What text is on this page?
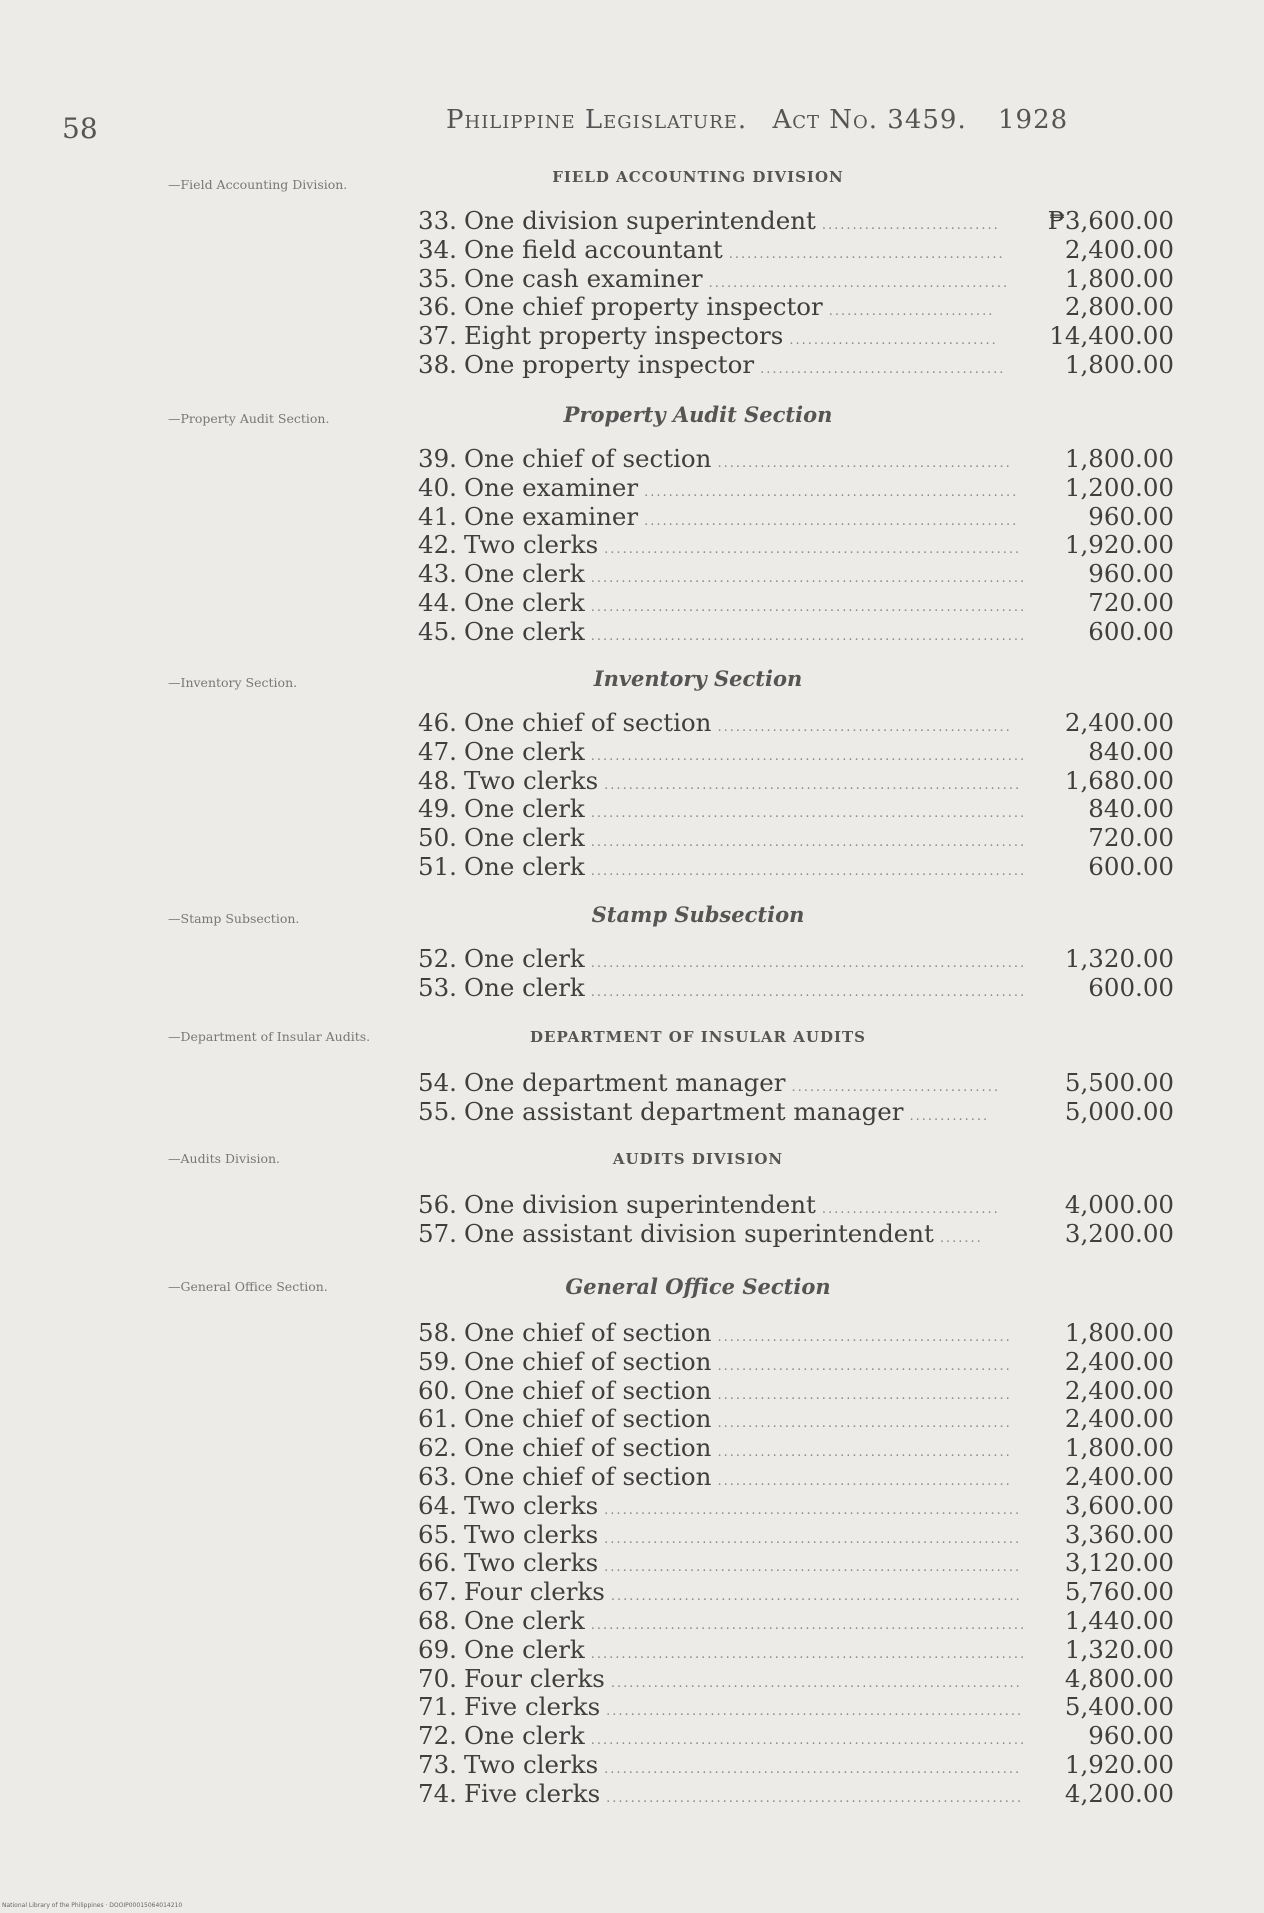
58	Philippine Legislature. Act No. 3459. 1928
—Field Accounting Division.
—Property Audit Section.
—Inventory Section.
—Stamp Subsection.
—Department of Insular Audits.
—Audits Division.
—General Office Section.
FIELD ACCOUNTING DIVISION
33. One division superintendent .............................	₱3,600.00
34. One field accountant .............................................	2,400.00
35. One cash examiner .................................................	1,800.00
36. One chief property inspector ...........................	2,800.00
37. Eight property inspectors ..................................	14,400.00
38. One property inspector ........................................	1,800.00
Property Audit Section
39. One chief of section ................................................	1,800.00
40. One examiner .............................................................	1,200.00
41. One examiner .............................................................	960.00
42. Two clerks ....................................................................	1,920.00
43. One clerk .......................................................................	960.00
44. One clerk .......................................................................	720.00
45. One clerk .......................................................................	600.00
Inventory Section
46. One chief of section ................................................	2,400.00
47. One clerk .......................................................................	840.00
48. Two clerks ....................................................................	1,680.00
49. One clerk .......................................................................	840.00
50. One clerk .......................................................................	720.00
51. One clerk .......................................................................	600.00
Stamp Subsection
52. One clerk .......................................................................	1,320.00
53. One clerk .......................................................................	600.00
DEPARTMENT OF INSULAR AUDITS
54. One department manager ..................................	5,500.00
55. One assistant department manager .............	5,000.00
AUDITS DIVISION
56. One division superintendent .............................	4,000.00
57. One assistant division superintendent .......	3,200.00
General Office Section
58. One chief of section ................................................	1,800.00
59. One chief of section ................................................	2,400.00
60. One chief of section ................................................	2,400.00
61. One chief of section ................................................	2,400.00
62. One chief of section ................................................	1,800.00
63. One chief of section ................................................	2,400.00
64. Two clerks ....................................................................	3,600.00
65. Two clerks ....................................................................	3,360.00
66. Two clerks ....................................................................	3,120.00
67. Four clerks ...................................................................	5,760.00
68. One clerk .......................................................................	1,440.00
69. One clerk .......................................................................	1,320.00
70. Four clerks ...................................................................	4,800.00
71. Five clerks ....................................................................	5,400.00
72. One clerk .......................................................................	960.00
73. Two clerks ....................................................................	1,920.00
74. Five clerks ....................................................................	4,200.00
National Library of the Philippines · DOOIP00015064014210
